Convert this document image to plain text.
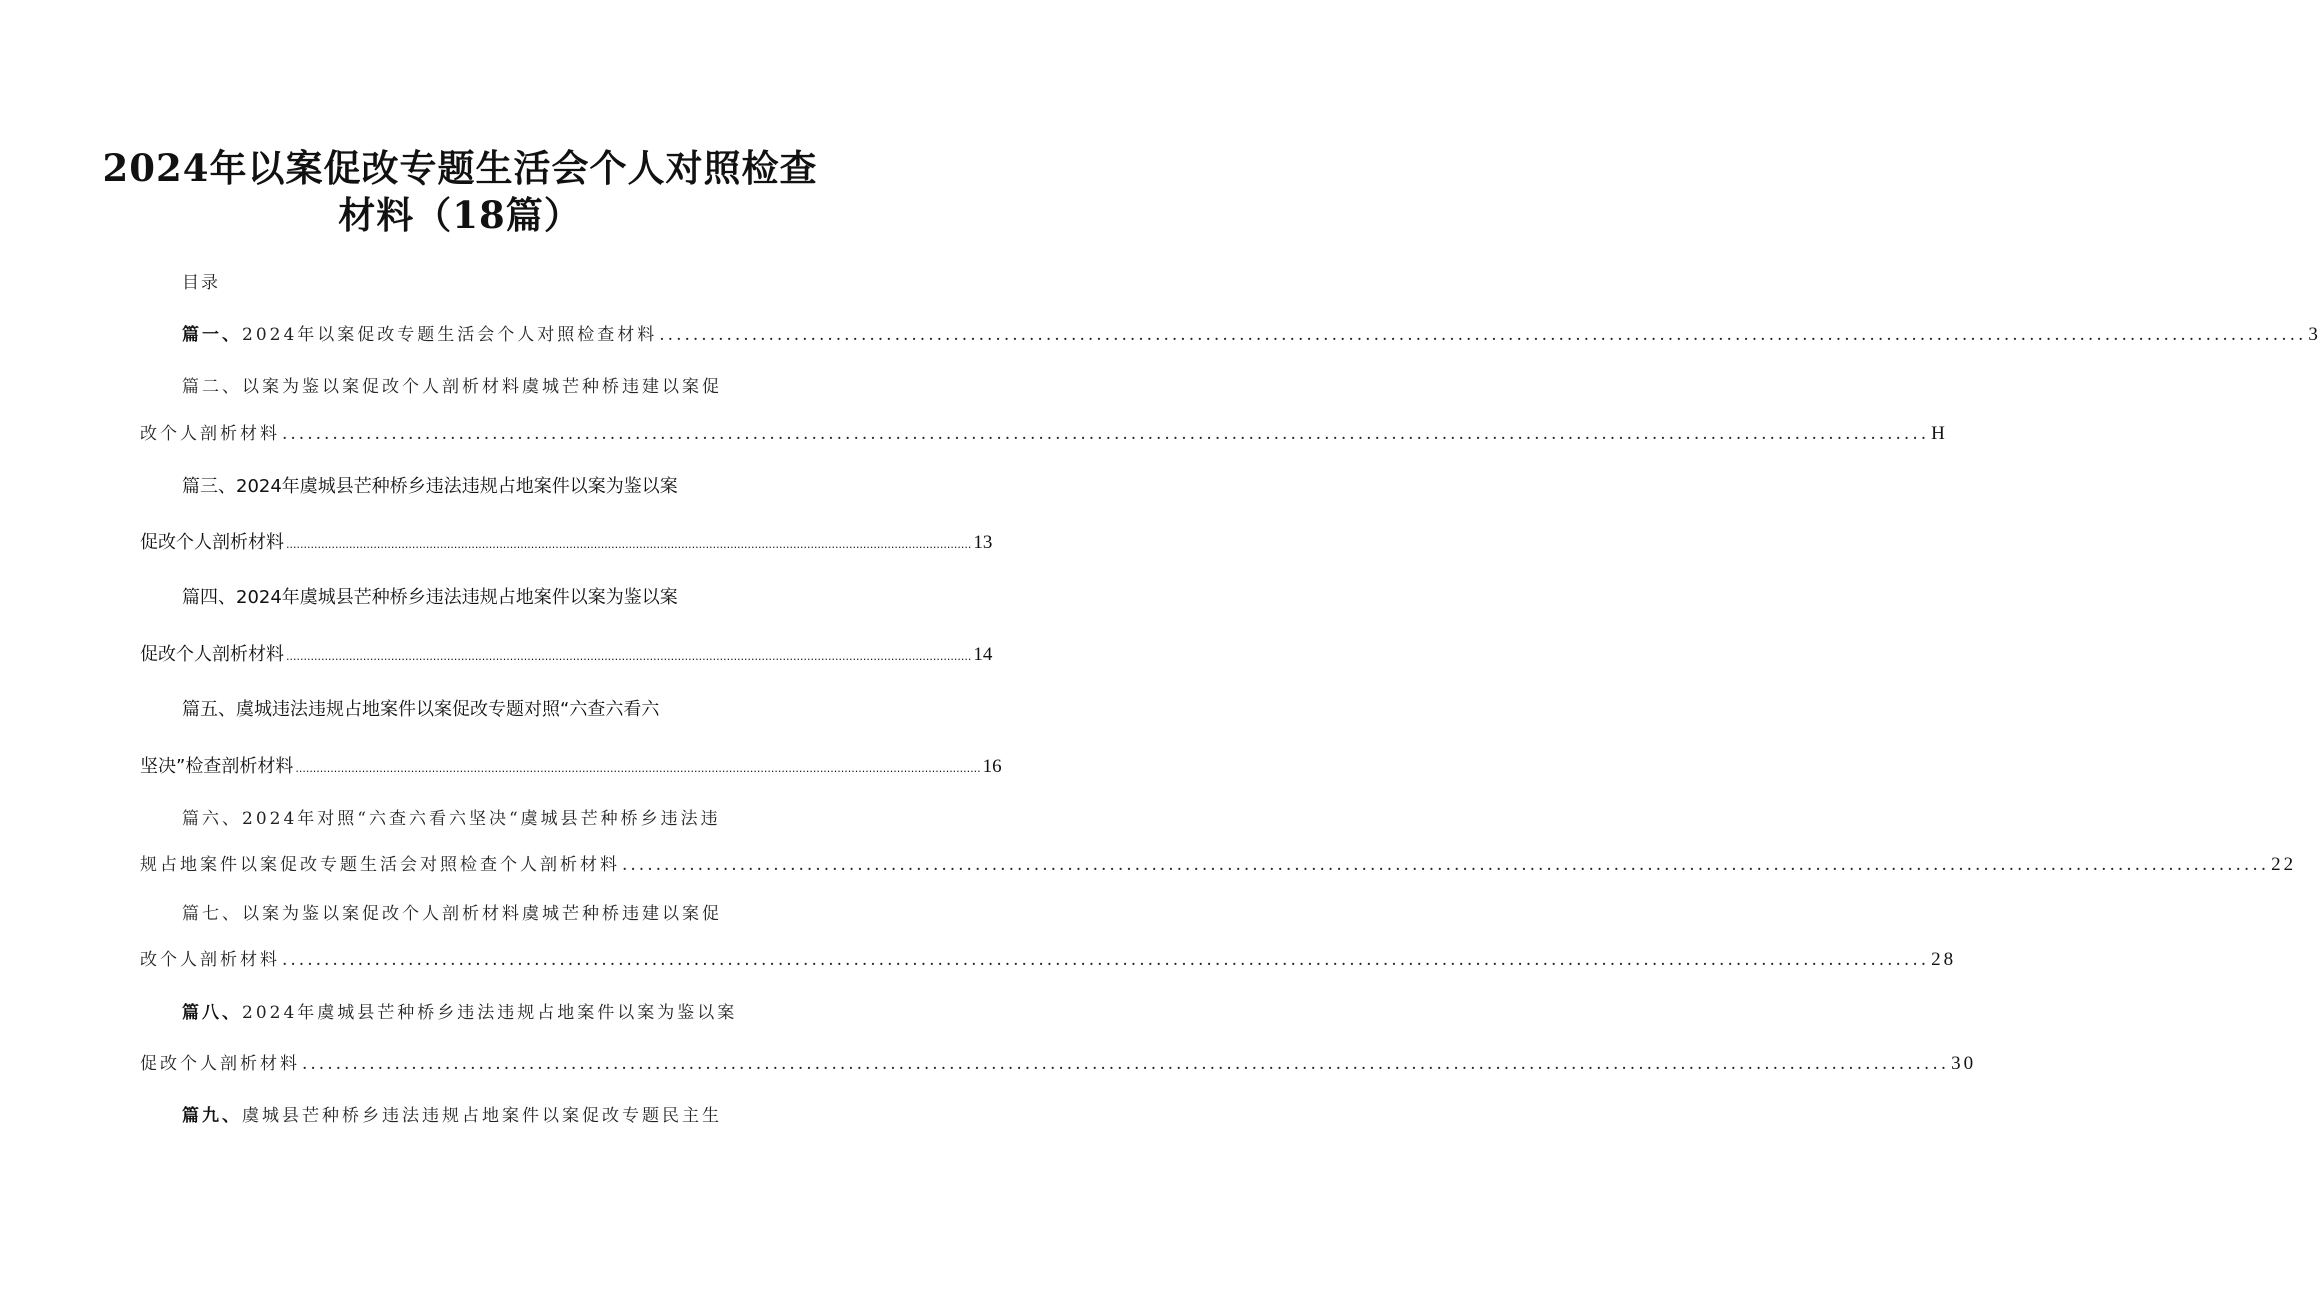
2024年以案促改专题生活会个人对照检查
材料（18篇）
目录
篇一、 2024年以案促改专题生活会个人对照检查材料 .................................................................................................................................................................................................... 3
篇二、以案为鉴以案促改个人剖析材料虞城芒种桥违建以案促
改个人剖析材料 .................................................................................................................................................................................................... H
篇三、2024年虞城县芒种桥乡违法违规占地案件以案为鉴以案
促改个人剖析材料 .................................................................................................................................................................................................... 13
篇四、2024年虞城县芒种桥乡违法违规占地案件以案为鉴以案
促改个人剖析材料 .................................................................................................................................................................................................... 14
篇五、虞城违法违规占地案件以案促改专题对照“六查六看六
坚决”检查剖析材料 .................................................................................................................................................................................................... 16
篇六、2024年对照“六查六看六坚决“虞城县芒种桥乡违法违
规占地案件以案促改专题生活会对照检查个人剖析材料 .................................................................................................................................................................................................... 22
篇七、以案为鉴以案促改个人剖析材料虞城芒种桥违建以案促
改个人剖析材料 .................................................................................................................................................................................................... 28
篇八、2024年虞城县芒种桥乡违法违规占地案件以案为鉴以案
促改个人剖析材料 .................................................................................................................................................................................................... 30
篇九、虞城县芒种桥乡违法违规占地案件以案促改专题民主生
